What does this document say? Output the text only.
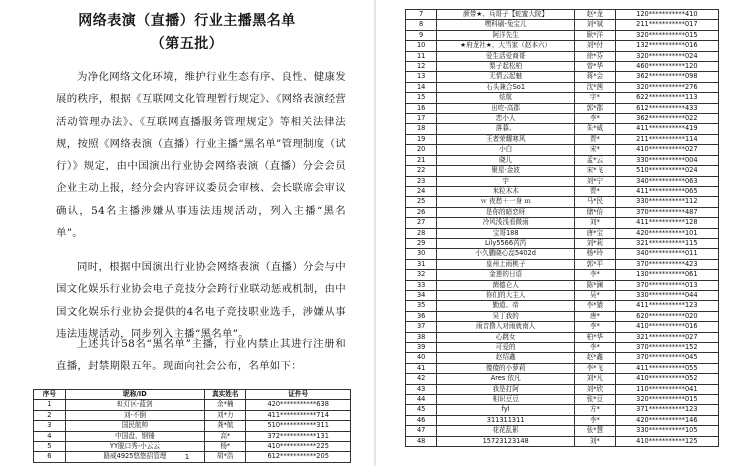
网络表演（直播）行业主播黑名单
（第五批）

为净化网络文化环境，维护行业生态有序、良性、健康发展的秩序，根据《互联网文化管理暂行规定》、《网络表演经营活动管理办法》、《互联网直播服务管理规定》等相关法律法规，按照《网络表演（直播）行业主播“黑名单”管理制度（试行）》规定，由中国演出行业协会网络表演（直播）分会会员企业主动上报，经分会内容评议委员会审核、会长联席会审议确认，54名主播涉嫌从事违法违规活动，列入主播“黑名单”。

同时，根据中国演出行业协会网络表演（直播）分会与中国文化娱乐行业协会电子竞技分会跨行业联动惩戒机制，由中国文化娱乐行业协会提供的4名电子竞技职业选手，涉嫌从事违法违规活动，同步列入主播“黑名单”。

上述共计58名“黑名单”主播，行业内禁止其进行注册和直播，封禁期限五年。现面向社会公布，名单如下：

序号	昵称/ID	真实姓名	证件号
1	虹灯区-蓝剑	余*楠	420***********638
2	刘-不倒	刘*力	411***********714
3	国民航帅	龚*航	510***********311
4	中国盘、钢锤	高*	372***********131
5	YY脱口秀-小云云	杨*	410***********225
6	路威4925悠悠招管理	胡*浩	612***********205
1
7	颜带★、兵哥子【蛇蜜大院】	赵*龙	120***********410
8	嘿科刷-兔宝儿	刘*斌	211***********017
9	阿洋先生	耿*洋	320***********015
10	★府龙社★、大当家（赵本六）	刘*付	132***********016
11	爱生活爱商哥	徐*芬	320***********024
12	梨子起松柏	曾*华	460***********120
13	无情云起魅	蒋*会	362***********098
14	石头兼合So1	沈*茜	320***********276
15	炫航	宇*	622***********113
16	出吃-高郡	郭*郡	612***********433
17	恋小人	李*	362***********022
18	落暮、	朱*威	411***********419
19	王者荣耀寒风	贾*	211***********114
20	小白	宋*	410***********027
21	晓儿	孟*云	330***********004
22	聚星·金波	宋*飞	510***********024
23	宇	刘*宁	340***********063
24	米粒木木	贾*	411***********065
25	ｗ 夜愁＋一身 ｍ	马*民	330***********112
26	是你的暗恋呀	储*倍	370***********487
27	冷风浅浅看微雨	刘*	411***********128
28	宝哥188	唐*宝	420***********101
29	Lily5566芮芮	刘*莉	321***********115
30	小久鹏晓心惢5402d	杨*玲	340***********011
31	皇州上雨桃子	郭*平	370***********423
32	金莲的日语	李*	130***********061
33	菌德仑人	陈*澜	370***********013
34	你们的大主人	吴*	330***********044
35	勤道、帝	李*猿	411***********123
36	吴丁我的	唐*	620***********020
37	雨音撸入对雨就南人	李*	410***********016
38	心跳女	柏*华	321***********027
39	可爱的	李*	370***********152
40	赵绍鑫	赵*鑫	370***********045
41	傻傻的小萝莉	李*飞	411***********055
42	Ares 依凡	刘*凡	410***********052
43	我是打阿	刘*欣	110***********041
44	相识豆豆	张*豆	320***********015
45	fyl	方*	371***********123
46	311311311	李*	420***********146
47	花花乱影	张*慧	330***********105
48	15723123148	刘*	410***********125
